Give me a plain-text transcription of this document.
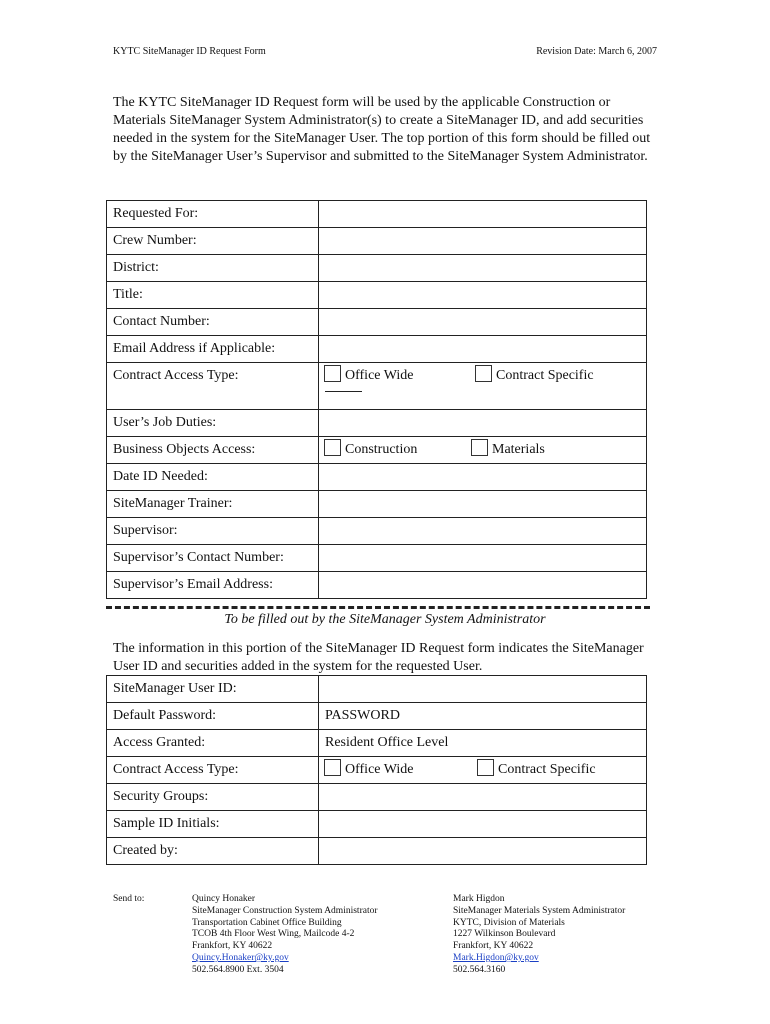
KYTC SiteManager ID Request Form	Revision Date: March 6, 2007

The KYTC SiteManager ID Request form will be used by the applicable Construction or Materials SiteManager System Administrator(s) to create a SiteManager ID, and add securities needed in the system for the SiteManager User. The top portion of this form should be filled out by the SiteManager User’s Supervisor and submitted to the SiteManager System Administrator.

Requested For:	
Crew Number:	
District:	
Title:	
Contact Number:	
Email Address if Applicable:	
Contract Access Type:	Office Wide Contract Specific

User’s Job Duties:	
Business Objects Access:	Construction Materials

Date ID Needed:	
SiteManager Trainer:	
Supervisor:	
Supervisor’s Contact Number:	
Supervisor’s Email Address:	
To be filled out by the SiteManager System Administrator

The information in this portion of the SiteManager ID Request form indicates the SiteManager User ID and securities added in the system for the requested User.

SiteManager User ID:	
Default Password:	PASSWORD
Access Granted:	Resident Office Level
Contract Access Type:	Office Wide Contract Specific

Security Groups:	
Sample ID Initials:	
Created by:	
Send to:	Quincy Honaker
SiteManager Construction System Administrator
Transportation Cabinet Office Building
TCOB 4th Floor West Wing, Mailcode 4-2
Frankfort, KY 40622
Quincy.Honaker@ky.gov
502.564.8900 Ext. 3504
Mark Higdon
SiteManager Materials System Administrator
KYTC, Division of Materials
1227 Wilkinson Boulevard
Frankfort, KY 40622
Mark.Higdon@ky.gov
502.564.3160
